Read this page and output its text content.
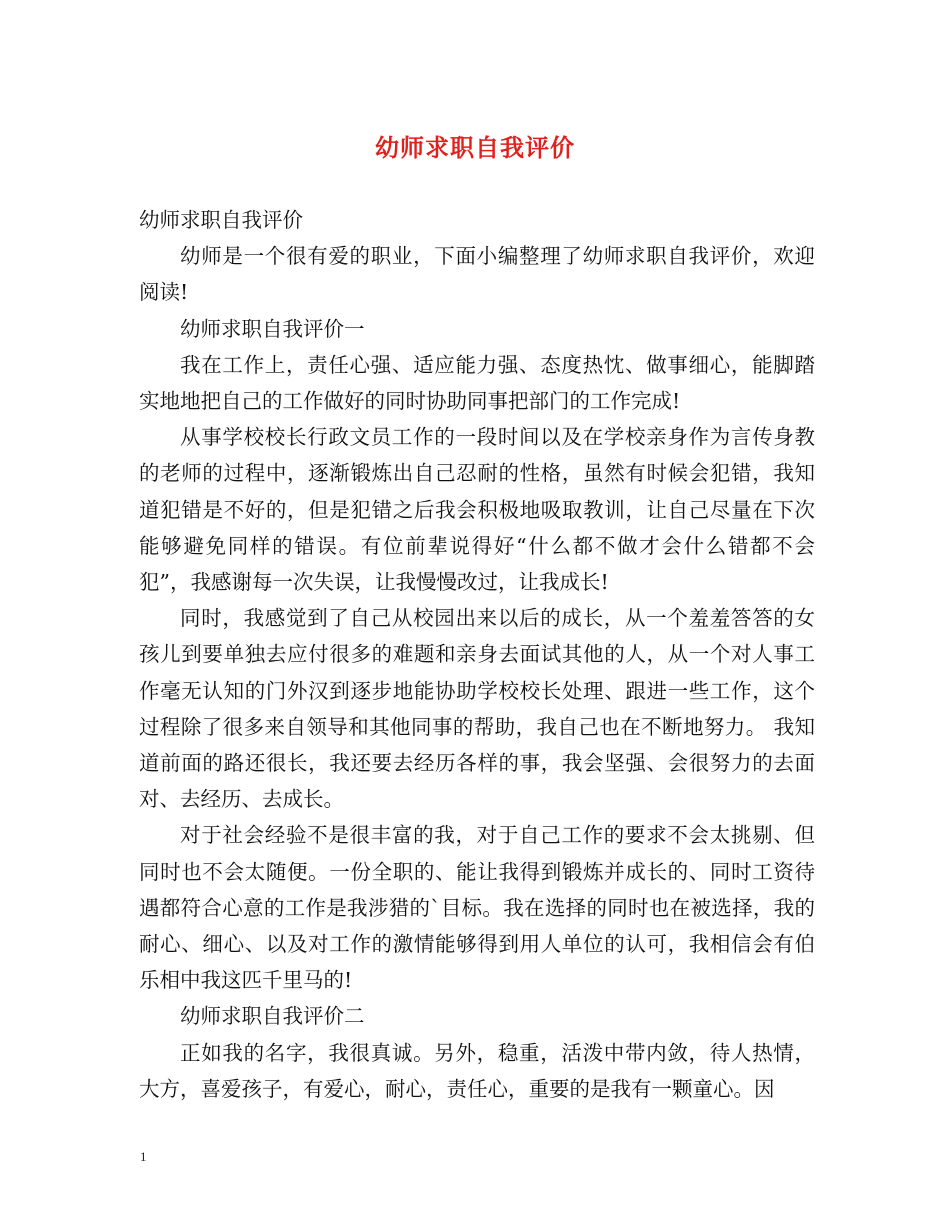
幼师求职自我评价

幼师求职自我评价

幼师是一个很有爱的职业，下面小编整理了幼师求职自我评价，欢迎阅读!

幼师求职自我评价一

我在工作上，责任心强、适应能力强、态度热忱、做事细心，能脚踏实地地把自己的工作做好的同时协助同事把部门的工作完成!

从事学校校长行政文员工作的一段时间以及在学校亲身作为言传身教的老师的过程中，逐渐锻炼出自己忍耐的性格，虽然有时候会犯错，我知道犯错是不好的，但是犯错之后我会积极地吸取教训，让自己尽量在下次能够避免同样的错误。有位前辈说得好“什么都不做才会什么错都不会犯”，我感谢每一次失误，让我慢慢改过，让我成长!

同时，我感觉到了自己从校园出来以后的成长，从一个羞羞答答的女孩儿到要单独去应付很多的难题和亲身去面试其他的人，从一个对人事工作毫无认知的门外汉到逐步地能协助学校校长处理、跟进一些工作，这个过程除了很多来自领导和其他同事的帮助，我自己也在不断地努力。 我知道前面的路还很长，我还要去经历各样的事，我会坚强、会很努力的去面对、去经历、去成长。

对于社会经验不是很丰富的我，对于自己工作的要求不会太挑剔、但同时也不会太随便。一份全职的、能让我得到锻炼并成长的、同时工资待遇都符合心意的工作是我涉猎的`目标。我在选择的同时也在被选择，我的耐心、细心、以及对工作的激情能够得到用人单位的认可，我相信会有伯乐相中我这匹千里马的!

幼师求职自我评价二

正如我的名字，我很真诚。另外，稳重，活泼中带内敛，待人热情，大方，喜爱孩子，有爱心，耐心，责任心，重要的是我有一颗童心。因

1
